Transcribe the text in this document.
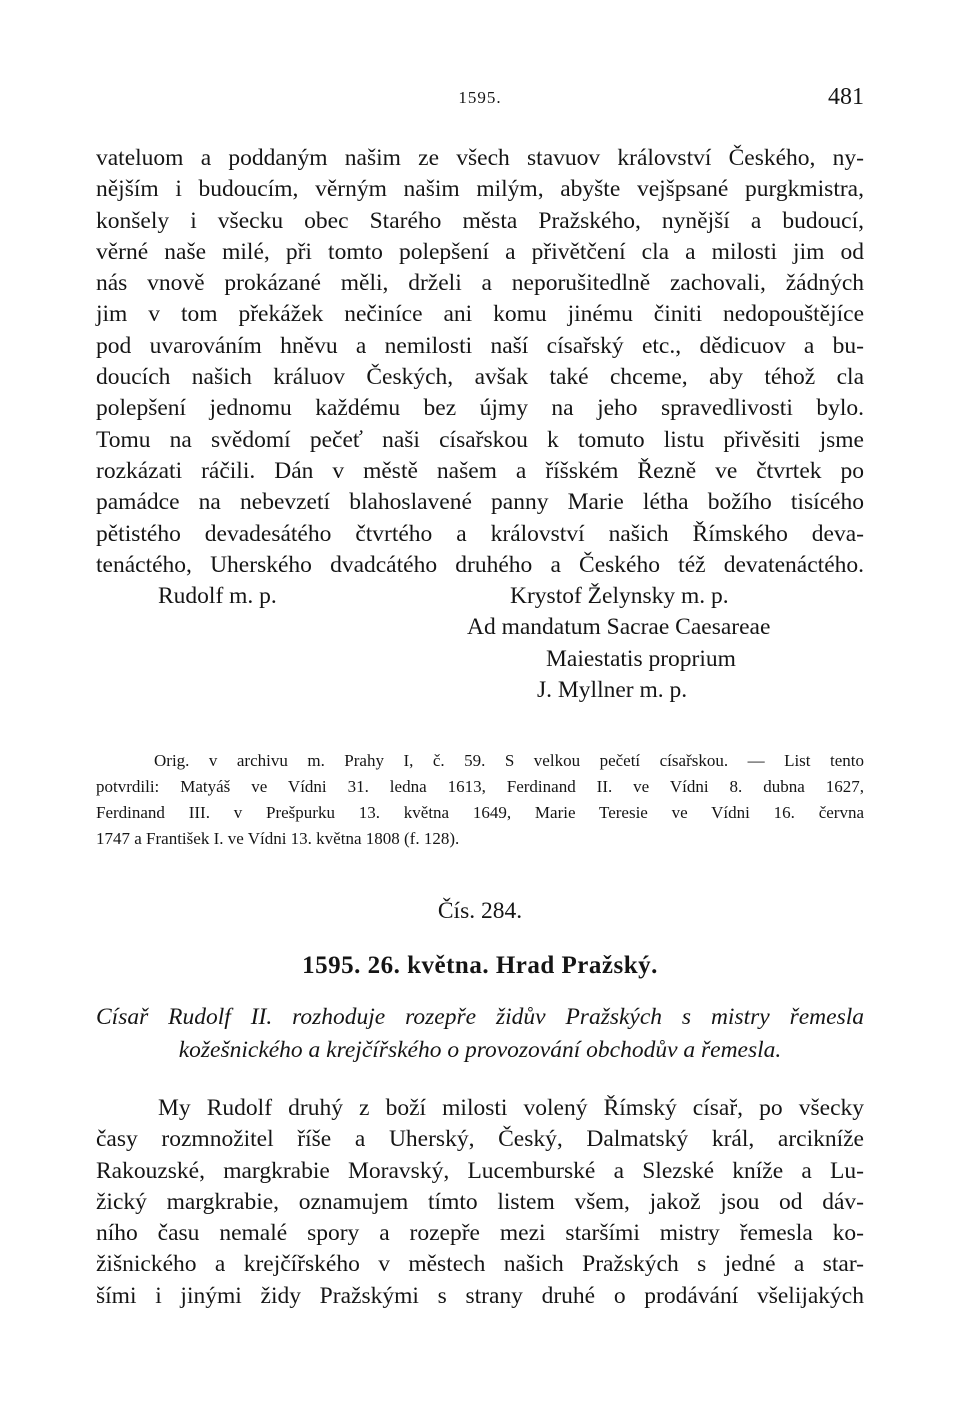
1595.	481
vateluom a poddaným našim ze všech stavuov království Českého, ny-
nějším i budoucím, věrným našim milým, abyšte vejšpsané purgkmistra,
konšely i všecku obec Starého města Pražského, nynější a budoucí,
věrné naše milé, při tomto polepšení a přivětčení cla a milosti jim od
nás vnově prokázané měli, drželi a neporušitedlně zachovali, žádných
jim v tom překážek nečiníce ani komu jinému činiti nedopouštějíce
pod uvarováním hněvu a nemilosti naší císařský etc., dědicuov a bu-
doucích našich králuov Českých, avšak také chceme, aby téhož cla
polepšení jednomu každému bez újmy na jeho spravedlivosti bylo.
Tomu na svědomí pečeť naši císařskou k tomuto listu přivěsiti jsme
rozkázati ráčili. Dán v městě našem a říšském Řezně ve čtvrtek po
pamádce na nebevzetí blahoslavené panny Marie létha božího tisícého
pětistého devadesátého čtvrtého a království našich Římského deva-
tenáctého, Uherského dvadcátého druhého a Českého též devatenáctého.
Rudolf m. p.	Krystof Želynsky m. p.
Ad mandatum Sacrae Caesareae
Maiestatis proprium
J. Myllner m. p.
Orig. v archivu m. Prahy I, č. 59. S velkou pečetí císařskou. — List tento
potvrdili: Matyáš ve Vídni 31. ledna 1613, Ferdinand II. ve Vídni 8. dubna 1627,
Ferdinand III. v Prešpurku 13. května 1649, Marie Teresie ve Vídni 16. června
1747 a František I. ve Vídni 13. května 1808 (f. 128).
Čís. 284.
1595. 26. května. Hrad Pražský.
Císař Rudolf II. rozhoduje rozepře židův Pražských s mistry řemesla
kožešnického a krejčířského o provozování obchodův a řemesla.
My Rudolf druhý z boží milosti volený Římský císař, po všecky
časy rozmnožitel říše a Uherský, Český, Dalmatský král, arcikníže
Rakouzské, margkrabie Moravský, Lucemburské a Slezské kníže a Lu-
žický margkrabie, oznamujem tímto listem všem, jakož jsou od dáv-
ního času nemalé spory a rozepře mezi staršími mistry řemesla ko-
žišnického a krejčířského v městech našich Pražských s jedné a star-
šími i jinými židy Pražskými s strany druhé o prodávání všelijakých
